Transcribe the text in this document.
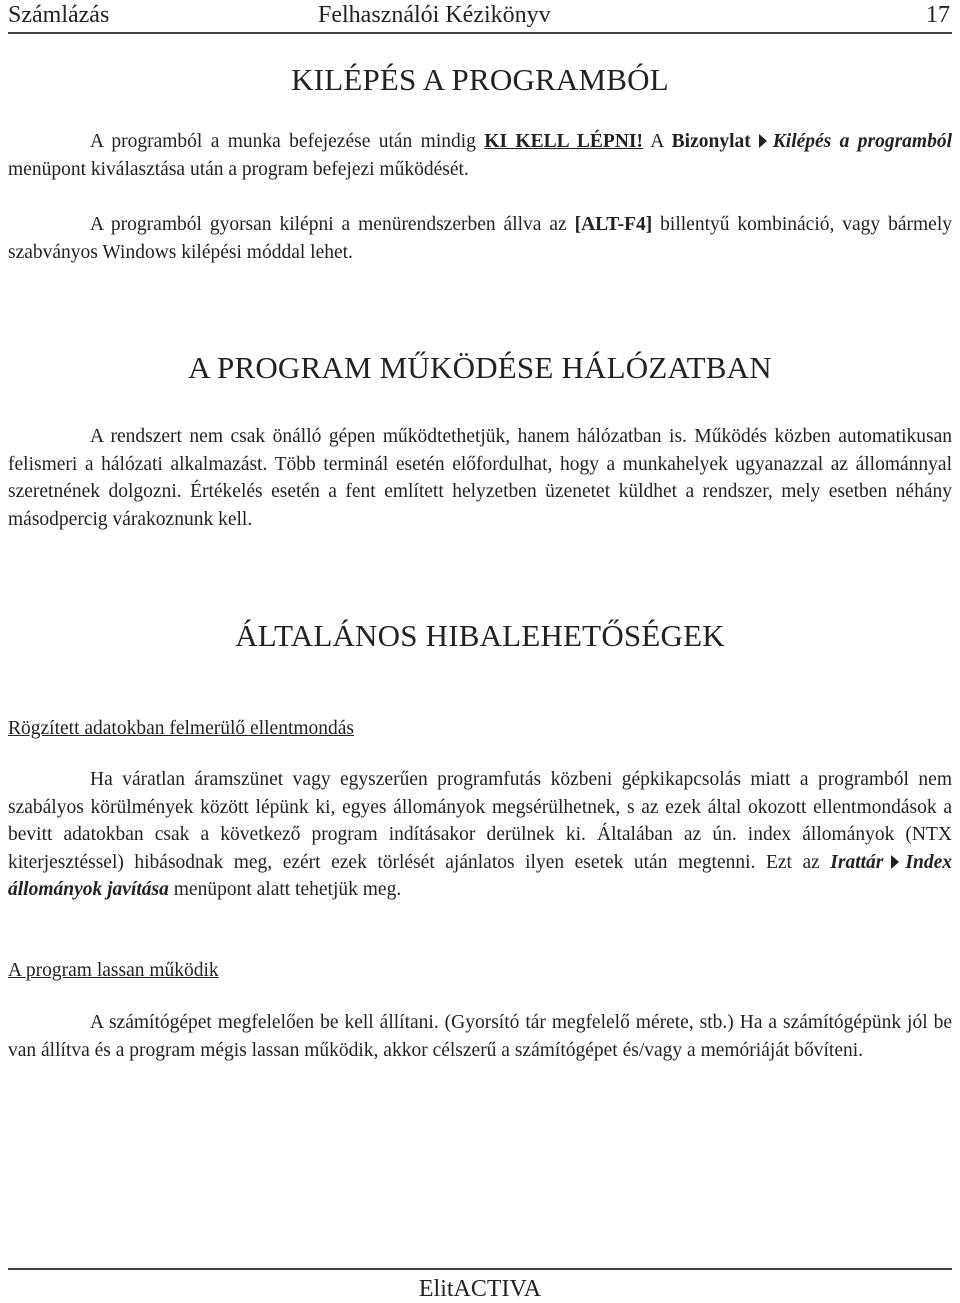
Számlázás	Felhasználói Kézikönyv	17
KILÉPÉS A PROGRAMBÓL

A programból a munka befejezése után mindig KI KELL LÉPNI! A Bizonylat Kilépés a programból menüpont kiválasztása után a program befejezi működését.

A programból gyorsan kilépni a menürendszerben állva az [ALT-F4] billentyű kombináció, vagy bármely szabványos Windows kilépési móddal lehet.

A PROGRAM MŰKÖDÉSE HÁLÓZATBAN

A rendszert nem csak önálló gépen működtethetjük, hanem hálózatban is. Működés közben automatikusan felismeri a hálózati alkalmazást. Több terminál esetén előfordulhat, hogy a munkahelyek ugyanazzal az állománnyal szeretnének dolgozni. Értékelés esetén a fent említett helyzetben üzenetet küldhet a rendszer, mely esetben néhány másodpercig várakoznunk kell.

ÁLTALÁNOS HIBALEHETŐSÉGEK
Rögzített adatokban felmerülő ellentmondás

Ha váratlan áramszünet vagy egyszerűen programfutás közbeni gépkikapcsolás miatt a programból nem szabályos körülmények között lépünk ki, egyes állományok megsérülhetnek, s az ezek által okozott ellentmondások a bevitt adatokban csak a következő program indításakor derülnek ki. Általában az ún. index állományok (NTX kiterjesztéssel) hibásodnak meg, ezért ezek törlését ajánlatos ilyen esetek után megtenni. Ezt az Irattár Index állományok javítása menüpont alatt tehetjük meg.

A program lassan működik

A számítógépet megfelelően be kell állítani. (Gyorsító tár megfelelő mérete, stb.) Ha a számítógépünk jól be van állítva és a program mégis lassan működik, akkor célszerű a számítógépet és/vagy a memóriáját bővíteni.

ElitACTIVA
